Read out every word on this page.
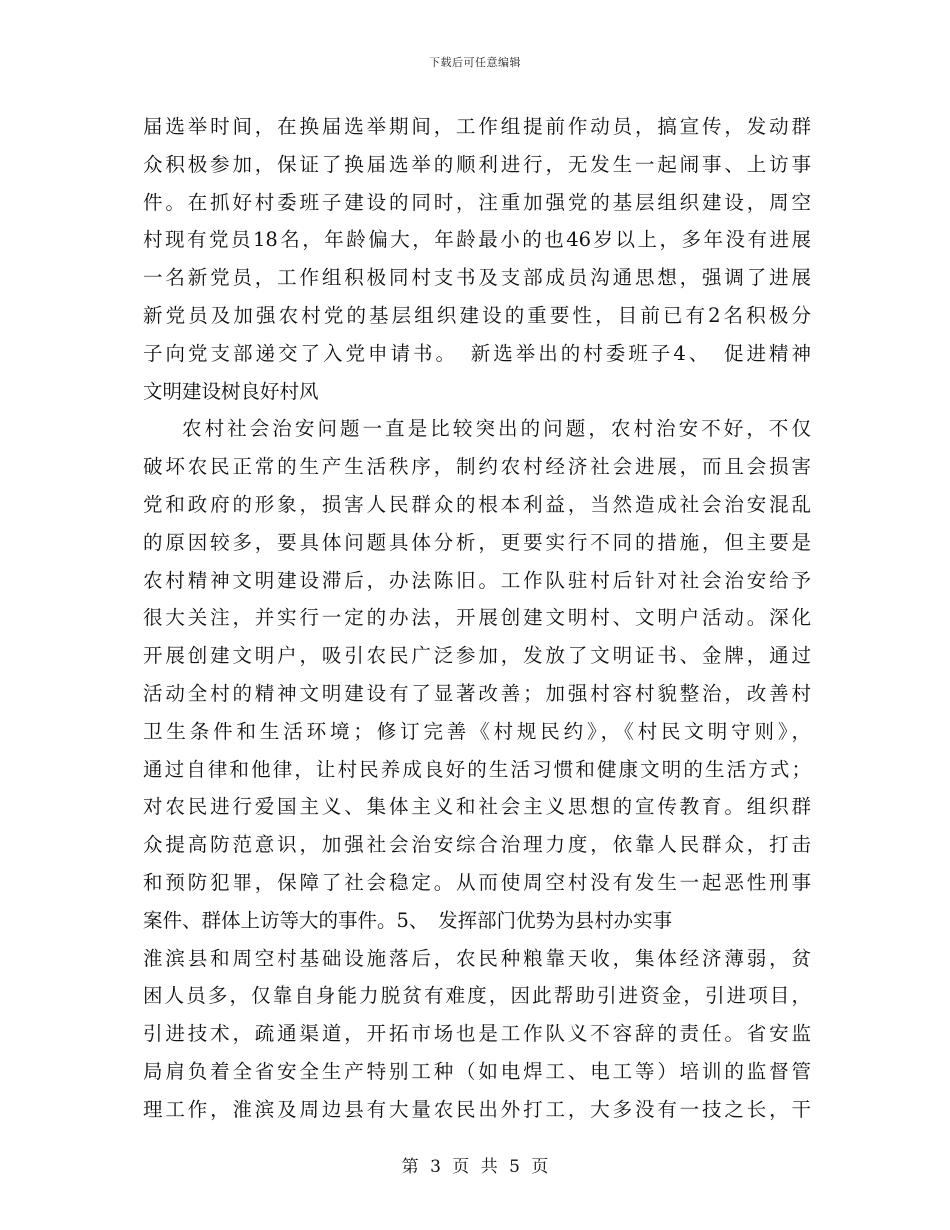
下载后可任意编辑
届选举时间，在换届选举期间，工作组提前作动员，搞宣传，发动群
众积极参加，保证了换届选举的顺利进行，无发生一起闹事、上访事
件。在抓好村委班子建设的同时，注重加强党的基层组织建设，周空
村现有党员18名，年龄偏大，年龄最小的也46岁以上，多年没有进展
一名新党员，工作组积极同村支书及支部成员沟通思想，强调了进展
新党员及加强农村党的基层组织建设的重要性，目前已有2名积极分
子向党支部递交了入党申请书。　新选举出的村委班子4、　促进精神
文明建设树良好村风
农村社会治安问题一直是比较突出的问题，农村治安不好，不仅
破坏农民正常的生产生活秩序，制约农村经济社会进展，而且会损害
党和政府的形象，损害人民群众的根本利益，当然造成社会治安混乱
的原因较多，要具体问题具体分析，更要实行不同的措施，但主要是
农村精神文明建设滞后，办法陈旧。工作队驻村后针对社会治安给予
很大关注，并实行一定的办法，开展创建文明村、文明户活动。深化
开展创建文明户，吸引农民广泛参加，发放了文明证书、金牌，通过
活动全村的精神文明建设有了显著改善；加强村容村貌整治，改善村
卫生条件和生活环境；修订完善《村规民约》，《村民文明守则》，
通过自律和他律，让村民养成良好的生活习惯和健康文明的生活方式；
对农民进行爱国主义、集体主义和社会主义思想的宣传教育。组织群
众提高防范意识，加强社会治安综合治理力度，依靠人民群众，打击
和预防犯罪，保障了社会稳定。从而使周空村没有发生一起恶性刑事
案件、群体上访等大的事件。5、　发挥部门优势为县村办实事
淮滨县和周空村基础设施落后，农民种粮靠天收，集体经济薄弱，贫
困人员多，仅靠自身能力脱贫有难度，因此帮助引进资金，引进项目，
引进技术，疏通渠道，开拓市场也是工作队义不容辞的责任。省安监
局肩负着全省安全生产特别工种（如电焊工、电工等）培训的监督管
理工作，淮滨及周边县有大量农民出外打工，大多没有一技之长，干
第 3 页 共 5 页
